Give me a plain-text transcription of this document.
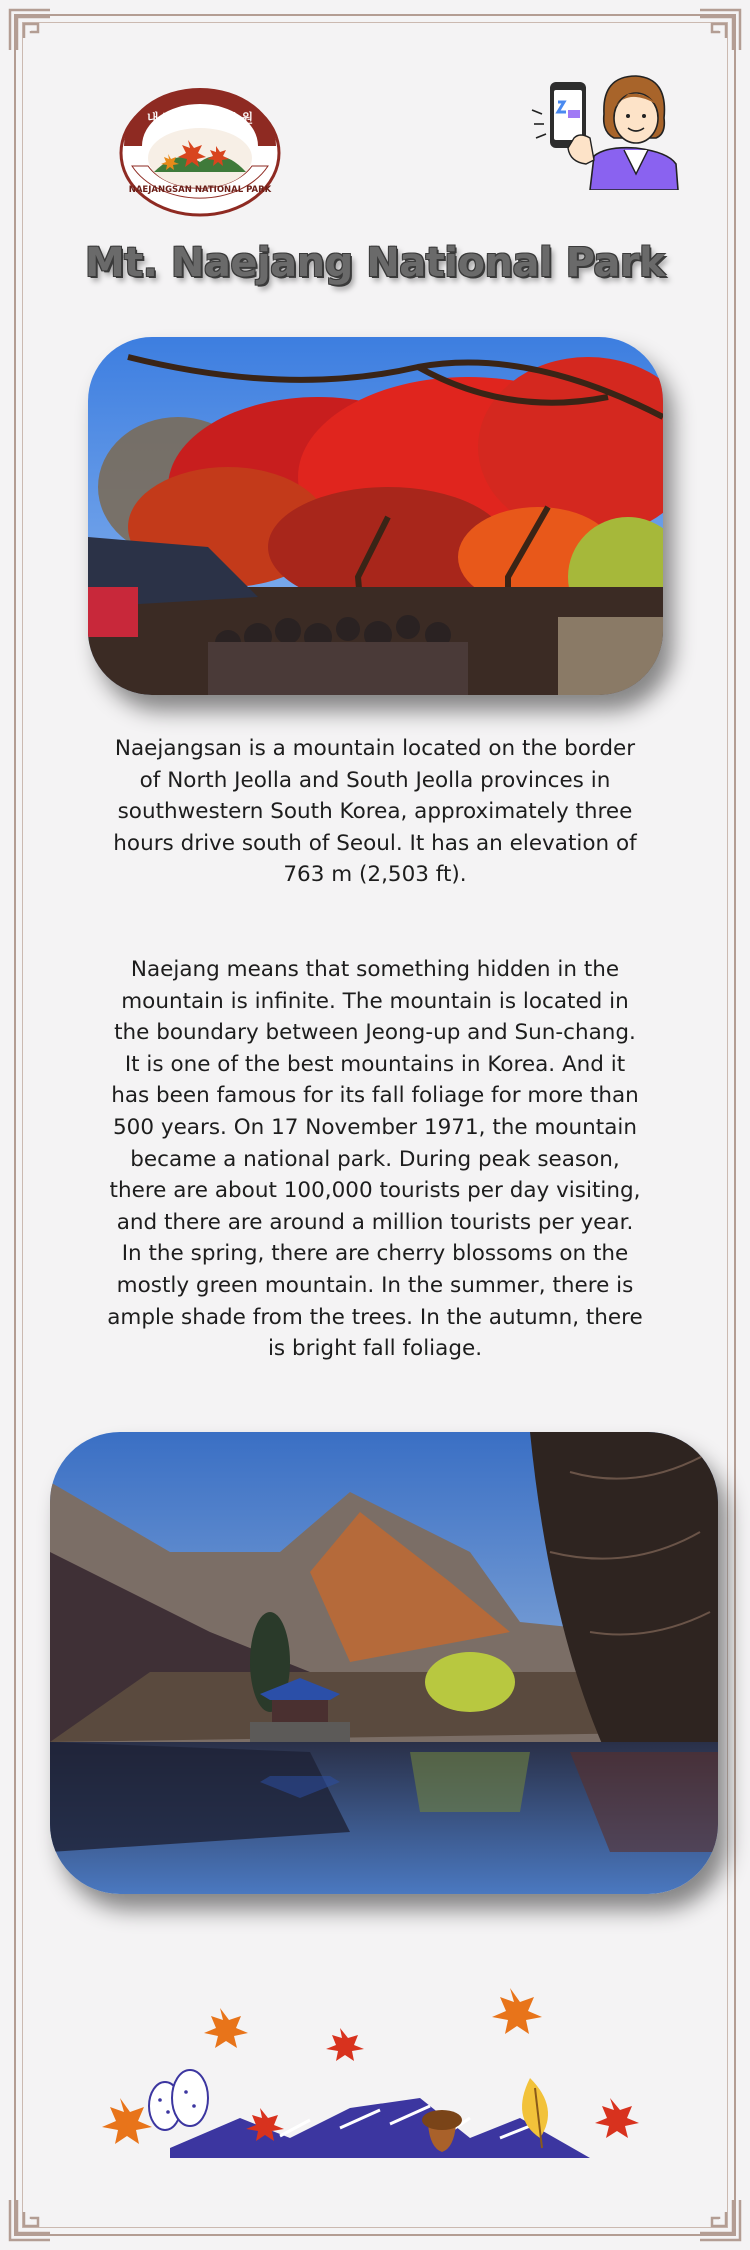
내 장 산 국 립 공 원
NAEJANGSAN NATIONAL PARK
Mt. Naejang National Park
Naejangsan is a mountain located on the border of North Jeolla and South Jeolla provinces in southwestern South Korea, approximately three hours drive south of Seoul. It has an elevation of 763 m (2,503 ft).
Naejang means that something hidden in the mountain is infinite. The mountain is located in the boundary between Jeong-up and Sun-chang. It is one of the best mountains in Korea. And it has been famous for its fall foliage for more than 500 years. On 17 November 1971, the mountain became a national park. During peak season, there are about 100,000 tourists per day visiting, and there are around a million tourists per year. In the spring, there are cherry blossoms on the mostly green mountain. In the summer, there is ample shade from the trees. In the autumn, there is bright fall foliage.
